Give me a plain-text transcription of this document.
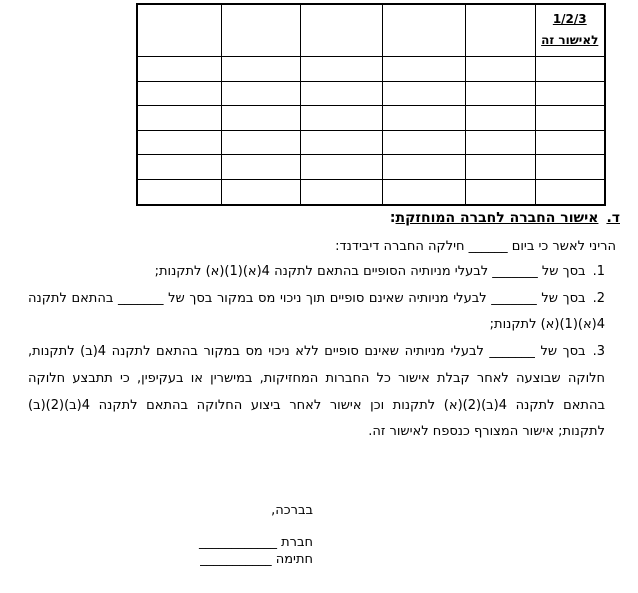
1/2/3
לאישור זה					

ד.אישור החברה לחברה המוחזקת:
הריני לאשר כי ביום ______ חילקה החברה דיבידנד:

1.בסך של _______ לבעלי מניותיה הסופיים בהתאם לתקנה 4(א)(1)(א) לתקנות;

2.בסך של _______ לבעלי מניותיה שאינם סופיים תוך ניכוי מס במקור בסך של _______ בהתאם לתקנה 4(א)(1)(א) לתקנות;

3.בסך של _______ לבעלי מניותיה שאינם סופיים ללא ניכוי מס במקור בהתאם לתקנה 4(ב) לתקנות, חלוקה שבוצעה לאחר קבלת אישור כל החברות המחזיקות, במישרין או בעקיפין, כי תתבצע חלוקה בהתאם לתקנה 4(ב)(2)(א) לתקנות וכן אישור לאחר ביצוע החלוקה בהתאם לתקנה 4(ב)(2)(ב) לתקנות; אישור המצורף כנספח לאישור זה.

בברכה,
חברת ____________
חתימה ___________
